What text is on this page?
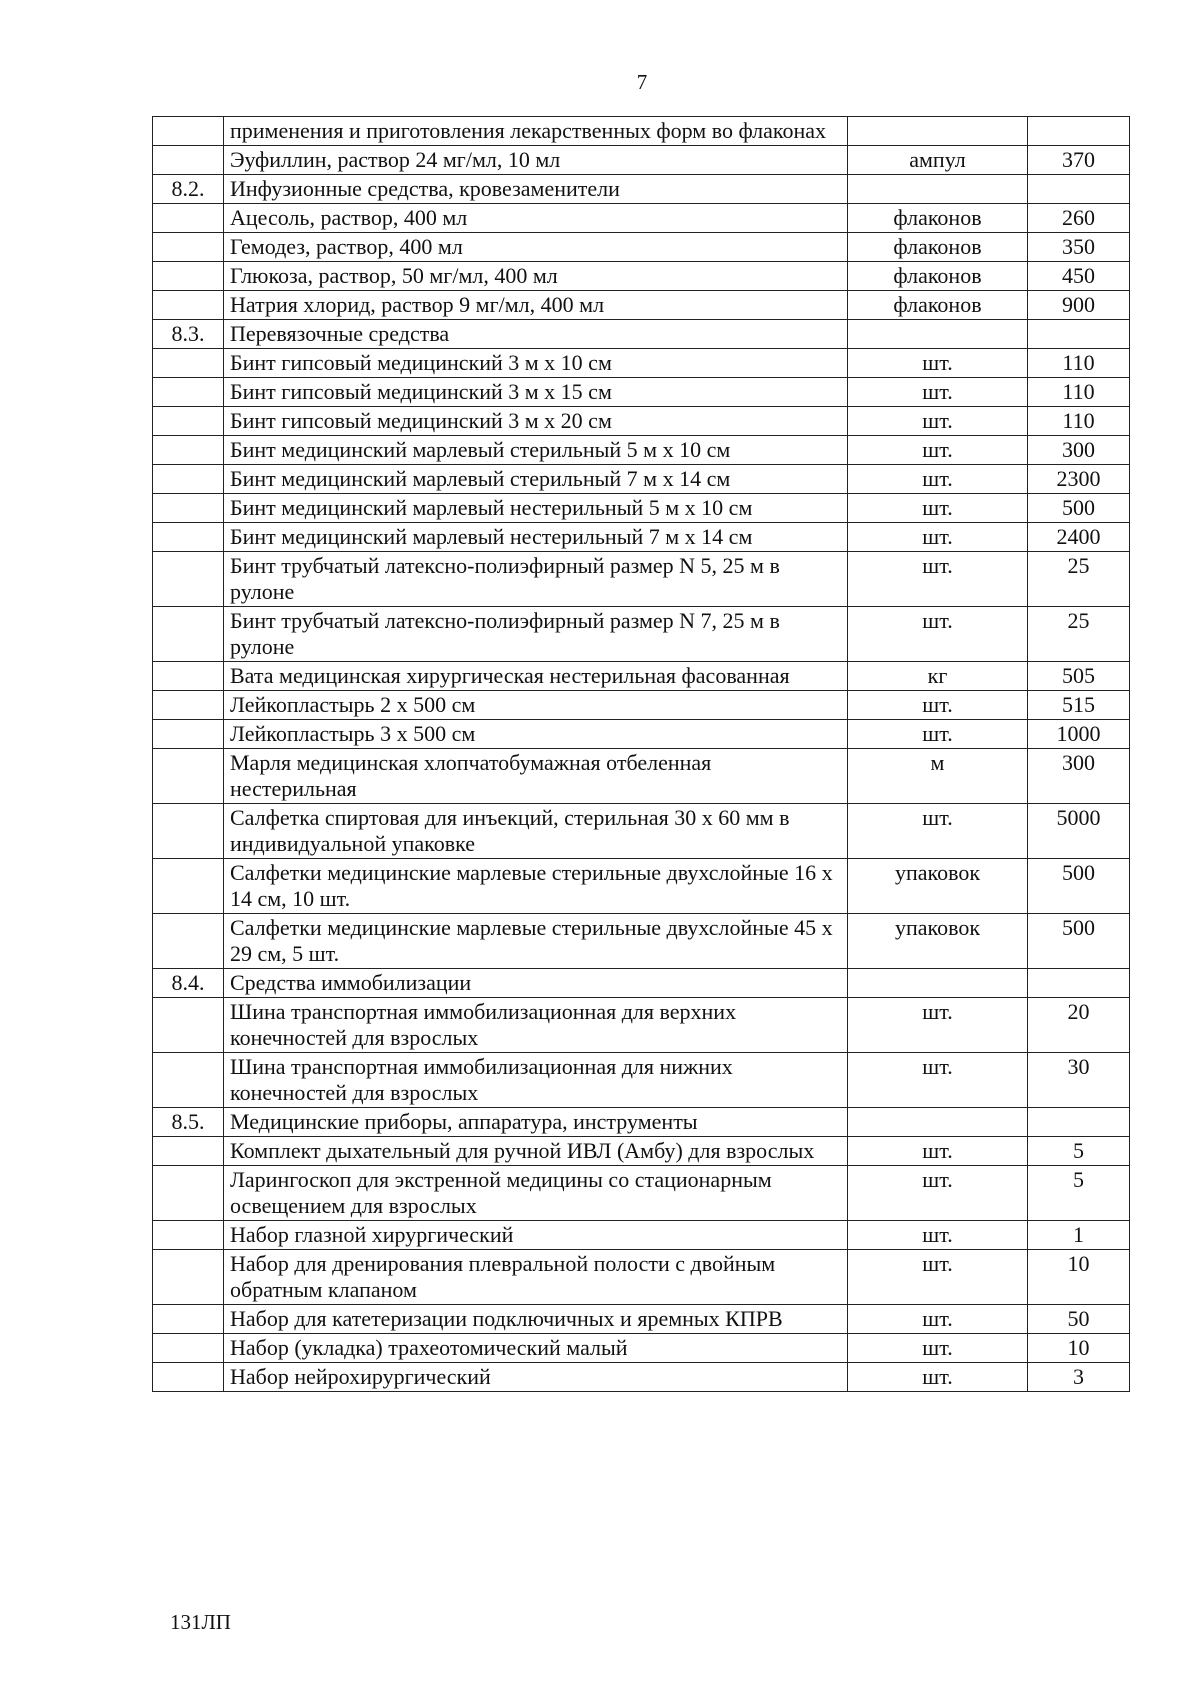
7
	применения и приготовления лекарственных форм во флаконах		
	Эуфиллин, раствор 24 мг/мл, 10 мл	ампул	370
8.2.	Инфузионные средства, кровезаменители		
	Ацесоль, раствор, 400 мл	флаконов	260
	Гемодез, раствор, 400 мл	флаконов	350
	Глюкоза, раствор, 50 мг/мл, 400 мл	флаконов	450
	Натрия хлорид, раствор 9 мг/мл, 400 мл	флаконов	900
8.3.	Перевязочные средства		
	Бинт гипсовый медицинский 3 м x 10 см	шт.	110
	Бинт гипсовый медицинский 3 м x 15 см	шт.	110
	Бинт гипсовый медицинский 3 м x 20 см	шт.	110
	Бинт медицинский марлевый стерильный 5 м x 10 см	шт.	300
	Бинт медицинский марлевый стерильный 7 м x 14 см	шт.	2300
	Бинт медицинский марлевый нестерильный 5 м x 10 см	шт.	500
	Бинт медицинский марлевый нестерильный 7 м x 14 см	шт.	2400
	Бинт трубчатый латексно-полиэфирный размер N 5, 25 м в рулоне	шт.	25
	Бинт трубчатый латексно-полиэфирный размер N 7, 25 м в рулоне	шт.	25
	Вата медицинская хирургическая нестерильная фасованная	кг	505
	Лейкопластырь 2 x 500 см	шт.	515
	Лейкопластырь 3 x 500 см	шт.	1000
	Марля медицинская хлопчатобумажная отбеленная нестерильная	м	300
	Салфетка спиртовая для инъекций, стерильная 30 x 60 мм в индивидуальной упаковке	шт.	5000
	Салфетки медицинские марлевые стерильные двухслойные 16 x 14 см, 10 шт.	упаковок	500
	Салфетки медицинские марлевые стерильные двухслойные 45 x 29 см, 5 шт.	упаковок	500
8.4.	Средства иммобилизации		
	Шина транспортная иммобилизационная для верхних конечностей для взрослых	шт.	20
	Шина транспортная иммобилизационная для нижних конечностей для взрослых	шт.	30
8.5.	Медицинские приборы, аппаратура, инструменты		
	Комплект дыхательный для ручной ИВЛ (Амбу) для взрослых	шт.	5
	Ларингоскоп для экстренной медицины со стационарным освещением для взрослых	шт.	5
	Набор глазной хирургический	шт.	1
	Набор для дренирования плевральной полости с двойным обратным клапаном	шт.	10
	Набор для катетеризации подключичных и яремных КПРВ	шт.	50
	Набор (укладка) трахеотомический малый	шт.	10
	Набор нейрохирургический	шт.	3
131ЛП
